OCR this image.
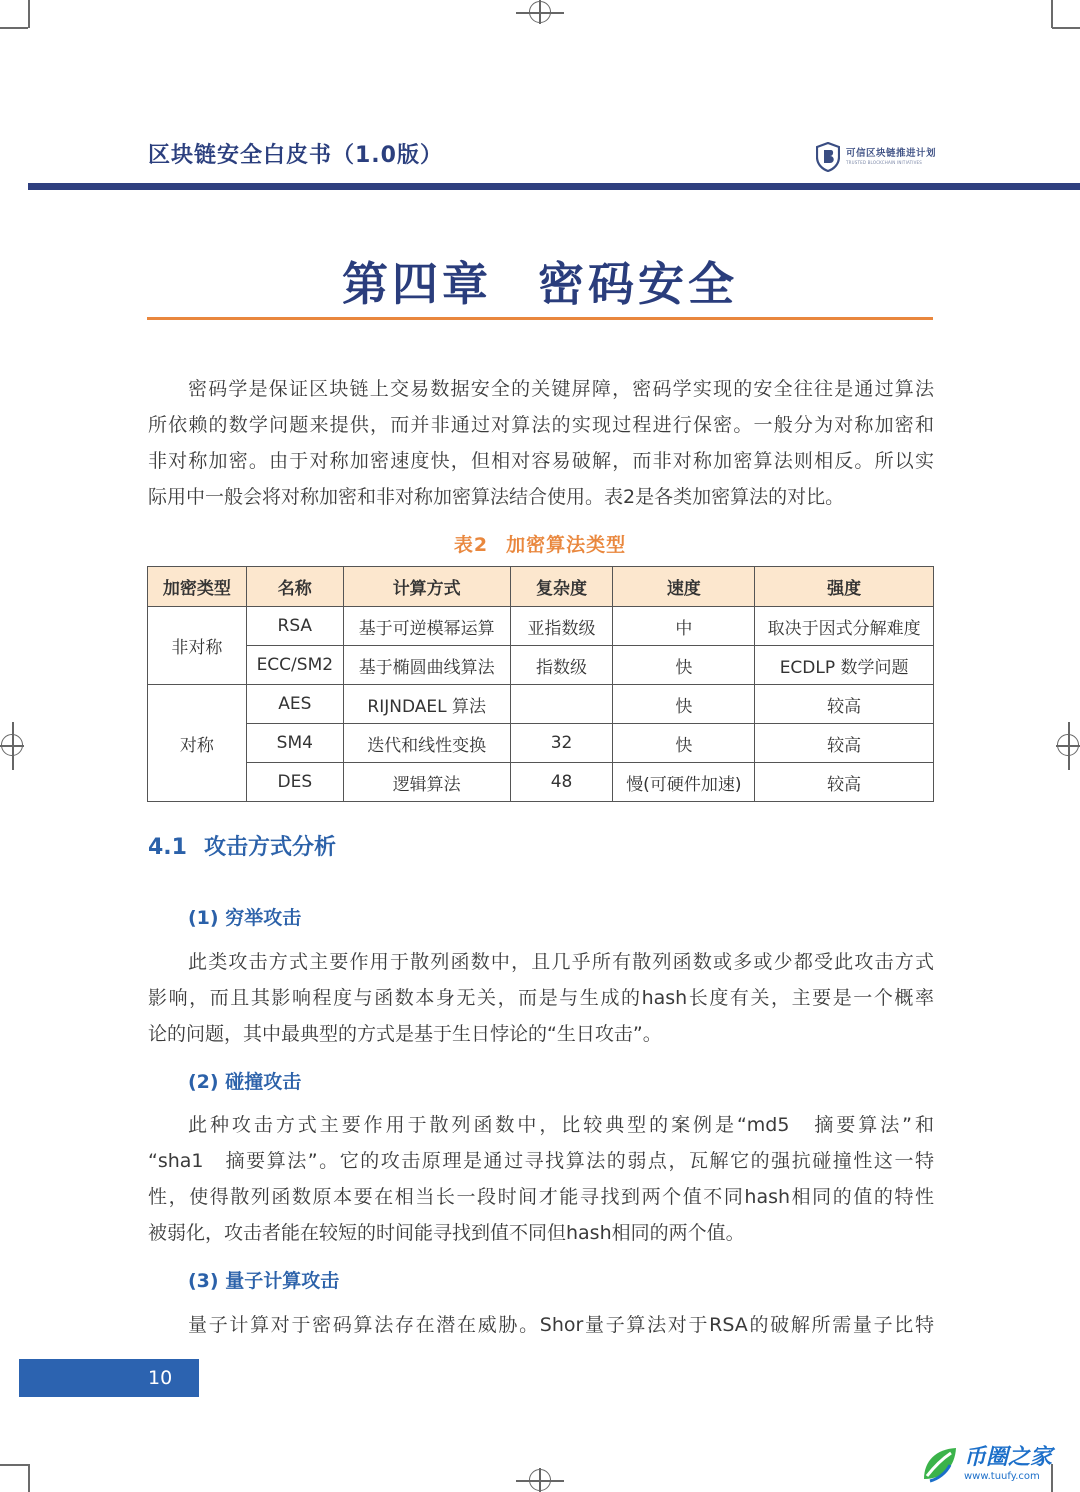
区块链安全白皮书（1.0版）	可信区块链推进计划
TRUSTED BLOCKCHAIN INITIATIVES
第四章 密码安全
密码学是保证区块链上交易数据安全的关键屏障，密码学实现的安全往往是通过算法
所依赖的数学问题来提供，而并非通过对算法的实现过程进行保密。一般分为对称加密和
非对称加密。由于对称加密速度快，但相对容易破解，而非对称加密算法则相反。所以实
际用中一般会将对称加密和非对称加密算法结合使用。表2是各类加密算法的对比。
表2 加密算法类型
加密类型	名称	计算方式	复杂度	速度	强度
非对称	RSA	基于可逆模幂运算	亚指数级	中	取决于因式分解难度
	ECC/SM2	基于椭圆曲线算法	指数级	快	ECDLP 数学问题
对称	AES	RIJNDAEL 算法		快	较高
	SM4	迭代和线性变换	32	快	较高
	DES	逻辑算法	48	慢(可硬件加速)	较高
4.1 攻击方式分析
(1) 穷举攻击
此类攻击方式主要作用于散列函数中，且几乎所有散列函数或多或少都受此攻击方式
影响，而且其影响程度与函数本身无关，而是与生成的hash长度有关，主要是一个概率
论的问题，其中最典型的方式是基于生日悖论的“生日攻击”。
(2) 碰撞攻击
此种攻击方式主要作用于散列函数中，比较典型的案例是“md5　摘要算法”和
“sha1　摘要算法”。它的攻击原理是通过寻找算法的弱点，瓦解它的强抗碰撞性这一特
性，使得散列函数原本要在相当长一段时间才能寻找到两个值不同hash相同的值的特性
被弱化，攻击者能在较短的时间能寻找到值不同但hash相同的两个值。
(3) 量子计算攻击
量子计算对于密码算法存在潜在威胁。Shor量子算法对于RSA的破解所需量子比特
10
币圈之家
www.tuufy.com
